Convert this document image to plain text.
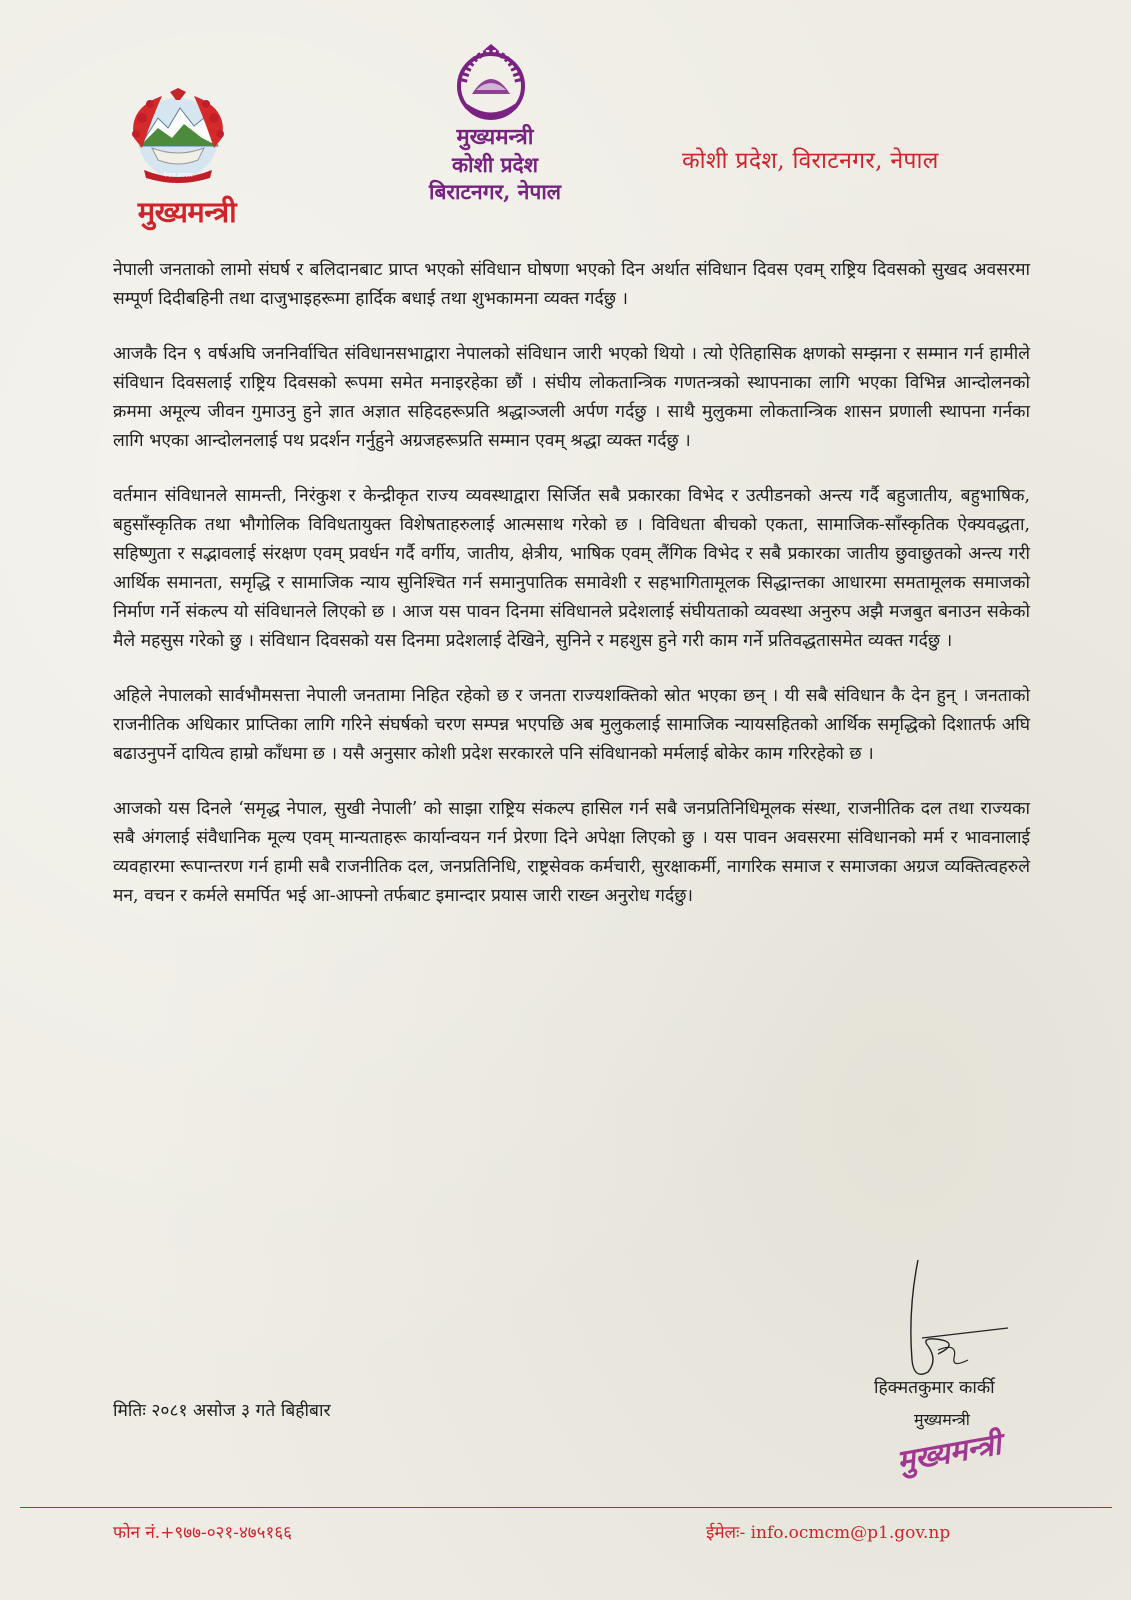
नेपाल सरकार
मुख्यमन्त्री
मुख्यमन्त्री
कोशी प्रदेश
बिराटनगर, नेपाल
कोशी प्रदेश, विराटनगर, नेपाल

नेपाली जनताको लामो संघर्ष र बलिदानबाट प्राप्त भएको संविधान घोषणा भएको दिन अर्थात संविधान दिवस एवम् राष्ट्रिय दिवसको सुखद अवसरमा सम्पूर्ण दिदीबहिनी तथा दाजुभाइहरूमा हार्दिक बधाई तथा शुभकामना व्यक्त गर्दछु ।

आजकै दिन ९ वर्षअघि जननिर्वाचित संविधानसभाद्वारा नेपालको संविधान जारी भएको थियो । त्यो ऐतिहासिक क्षणको सम्झना र सम्मान गर्न हामीले संविधान दिवसलाई राष्ट्रिय दिवसको रूपमा समेत मनाइरहेका छौं । संघीय लोकतान्त्रिक गणतन्त्रको स्थापनाका लागि भएका विभिन्न आन्दोलनको क्रममा अमूल्य जीवन गुमाउनु हुने ज्ञात अज्ञात सहिदहरूप्रति श्रद्धाञ्जली अर्पण गर्दछु । साथै मुलुकमा लोकतान्त्रिक शासन प्रणाली स्थापना गर्नका लागि भएका आन्दोलनलाई पथ प्रदर्शन गर्नुहुने अग्रजहरूप्रति सम्मान एवम् श्रद्धा व्यक्त गर्दछु ।

वर्तमान संविधानले सामन्ती, निरंकुश र केन्द्रीकृत राज्य व्यवस्थाद्वारा सिर्जित सबै प्रकारका विभेद र उत्पीडनको अन्त्य गर्दै बहुजातीय, बहुभाषिक, बहुसाँस्कृतिक तथा भौगोलिक विविधतायुक्त विशेषताहरुलाई आत्मसाथ गरेको छ । विविधता बीचको एकता, सामाजिक-साँस्कृतिक ऐक्यवद्धता, सहिष्णुता र सद्भावलाई संरक्षण एवम् प्रवर्धन गर्दै वर्गीय, जातीय, क्षेत्रीय, भाषिक एवम् लैंगिक विभेद र सबै प्रकारका जातीय छुवाछुतको अन्त्य गरी आर्थिक समानता, समृद्धि र सामाजिक न्याय सुनिश्चित गर्न समानुपातिक समावेशी र सहभागितामूलक सिद्धान्तका आधारमा समतामूलक समाजको निर्माण गर्ने संकल्प यो संविधानले लिएको छ । आज यस पावन दिनमा संविधानले प्रदेशलाई संघीयताको व्यवस्था अनुरुप अझै मजबुत बनाउन सकेको मैले महसुस गरेको छु । संविधान दिवसको यस दिनमा प्रदेशलाई देखिने, सुनिने र महशुस हुने गरी काम गर्ने प्रतिवद्धतासमेत व्यक्त गर्दछु ।

अहिले नेपालको सार्वभौमसत्ता नेपाली जनतामा निहित रहेको छ र जनता राज्यशक्तिको स्रोत भएका छन् । यी सबै संविधान कै देन हुन् । जनताको राजनीतिक अधिकार प्राप्तिका लागि गरिने संघर्षको चरण सम्पन्न भएपछि अब मुलुकलाई सामाजिक न्यायसहितको आर्थिक समृद्धिको दिशातर्फ अघि बढाउनुपर्ने दायित्व हाम्रो काँधमा छ । यसै अनुसार कोशी प्रदेश सरकारले पनि संविधानको मर्मलाई बोकेर काम गरिरहेको छ ।

आजको यस दिनले ‘समृद्ध नेपाल, सुखी नेपाली’ को साझा राष्ट्रिय संकल्प हासिल गर्न सबै जनप्रतिनिधिमूलक संस्था, राजनीतिक दल तथा राज्यका सबै अंगलाई संवैधानिक मूल्य एवम् मान्यताहरू कार्यान्वयन गर्न प्रेरणा दिने अपेक्षा लिएको छु । यस पावन अवसरमा संविधानको मर्म र भावनालाई व्यवहारमा रूपान्तरण गर्न हामी सबै राजनीतिक दल, जनप्रतिनिधि, राष्ट्रसेवक कर्मचारी, सुरक्षाकर्मी, नागरिक समाज र समाजका अग्रज व्यक्तित्वहरुले मन, वचन र कर्मले समर्पित भई आ-आफ्नो तर्फबाट इमान्दार प्रयास जारी राख्न अनुरोध गर्दछु।

मितिः २०८१ असोज ३ गते बिहीबार
हिक्मतकुमार कार्की
मुख्यमन्त्री
मुख्यमन्त्री
फोन नं.+९७७-०२१-४७५१६६	ईमेलः- info.ocmcm@p1.gov.np
